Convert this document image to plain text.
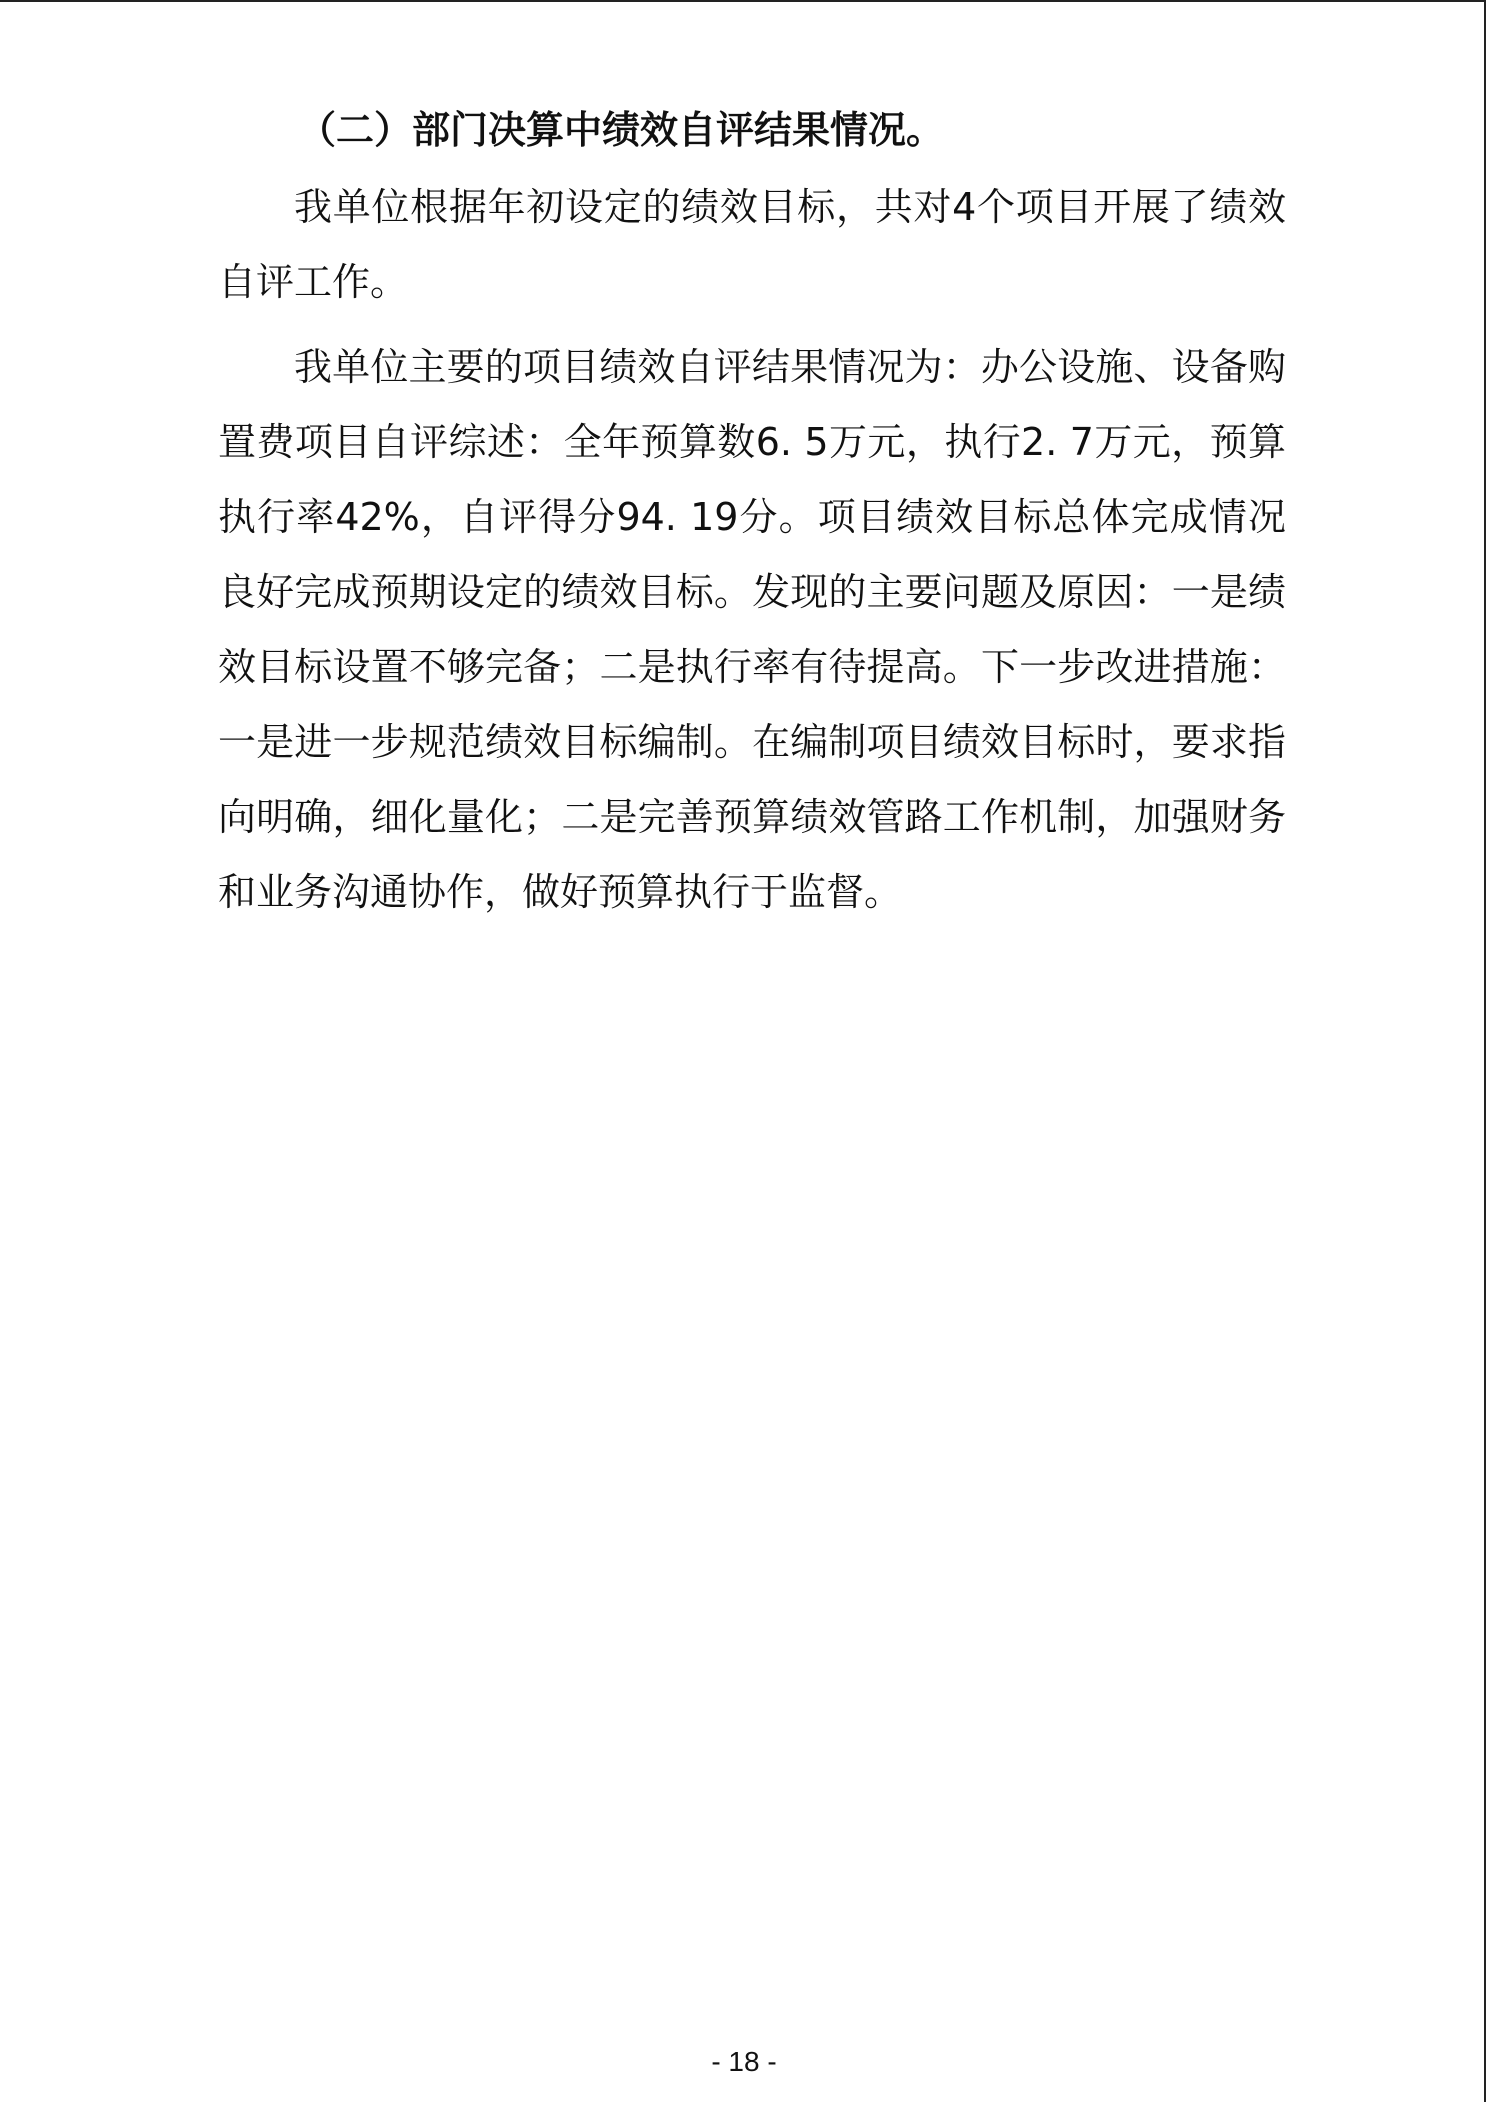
（二）部门决算中绩效自评结果情况。

我单位根据年初设定的绩效目标，共对4个项目开展了绩效自评工作。

我单位主要的项目绩效自评结果情况为：办公设施、设备购置费项目自评综述：全年预算数6. 5万元，执行2. 7万元，预算执行率42%，自评得分94. 19分。项目绩效目标总体完成情况良好完成预期设定的绩效目标。发现的主要问题及原因：一是绩效目标设置不够完备；二是执行率有待提高。下一步改进措施：一是进一步规范绩效目标编制。在编制项目绩效目标时，要求指向明确，细化量化；二是完善预算绩效管路工作机制，加强财务和业务沟通协作，做好预算执行于监督。

- 18 -
